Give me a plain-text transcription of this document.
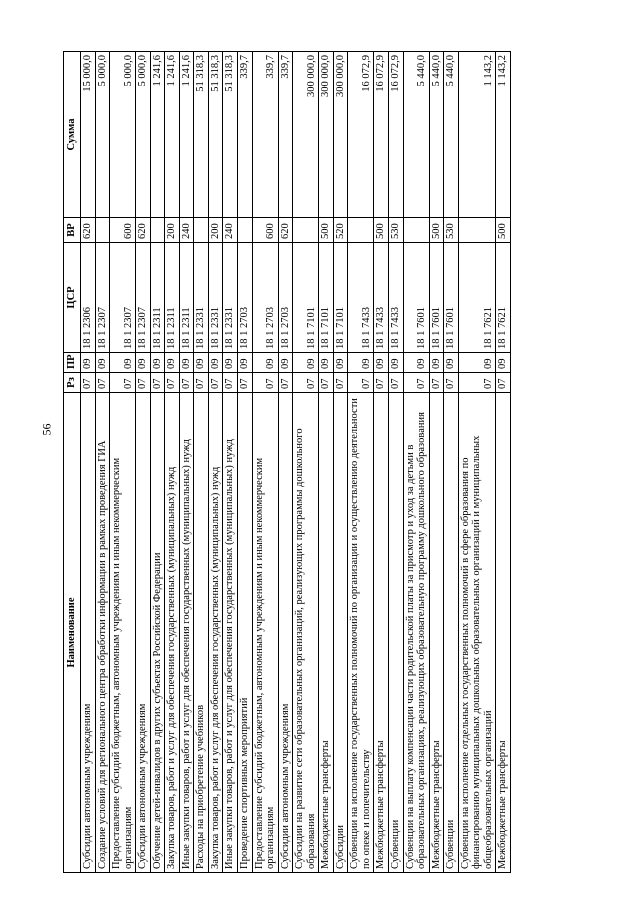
56
Наименование	Рз	ПР	ЦСР	ВР	Сумма
Субсидии автономным учреждениям	07	09	18 1 2306	620	15 000,0
Создание условий для регионального центра обработки информации в рамках проведения ГИА	07	09	18 1 2307		5 000,0
Предоставление субсидий бюджетным, автономным учреждениям и иным некоммерческим организациям	07	09	18 1 2307	600	5 000,0
Субсидии автономным учреждениям	07	09	18 1 2307	620	5 000,0
Обучение детей-инвалидов в других субъектах Российской Федерации	07	09	18 1 2311		1 241,6
Закупка товаров, работ и услуг для обеспечения государственных (муниципальных) нужд	07	09	18 1 2311	200	1 241,6
Иные закупки товаров, работ и услуг для обеспечения государственных (муниципальных) нужд	07	09	18 1 2311	240	1 241,6
Расходы на приобретение учебников	07	09	18 1 2331		51 318,3
Закупка товаров, работ и услуг для обеспечения государственных (муниципальных) нужд	07	09	18 1 2331	200	51 318,3
Иные закупки товаров, работ и услуг для обеспечения государственных (муниципальных) нужд	07	09	18 1 2331	240	51 318,3
Проведение спортивных мероприятий	07	09	18 1 2703		339,7
Предоставление субсидий бюджетным, автономным учреждениям и иным некоммерческим организациям	07	09	18 1 2703	600	339,7
Субсидии автономным учреждениям	07	09	18 1 2703	620	339,7
Субсидии на развитие сети образовательных организаций, реализующих программы дошкольного образования	07	09	18 1 7101		300 000,0
Межбюджетные трансферты	07	09	18 1 7101	500	300 000,0
Субсидии	07	09	18 1 7101	520	300 000,0
Субвенции на исполнение государственных полномочий по организации и осуществлению деятельности по опеке и попечительству	07	09	18 1 7433		16 072,9
Межбюджетные трансферты	07	09	18 1 7433	500	16 072,9
Субвенции	07	09	18 1 7433	530	16 072,9
Субвенции на выплату компенсации части родительской платы за присмотр и уход за детьми в образовательных организациях, реализующих образовательную программу дошкольного образования	07	09	18 1 7601		5 440,0
Межбюджетные трансферты	07	09	18 1 7601	500	5 440,0
Субвенции	07	09	18 1 7601	530	5 440,0
Субвенции на исполнение отдельных государственных полномочий в сфере образования по финансированию муниципальных дошкольных образовательных организаций и муниципальных общеобразовательных организаций	07	09	18 1 7621		1 143,2
Межбюджетные трансферты	07	09	18 1 7621	500	1 143,2
